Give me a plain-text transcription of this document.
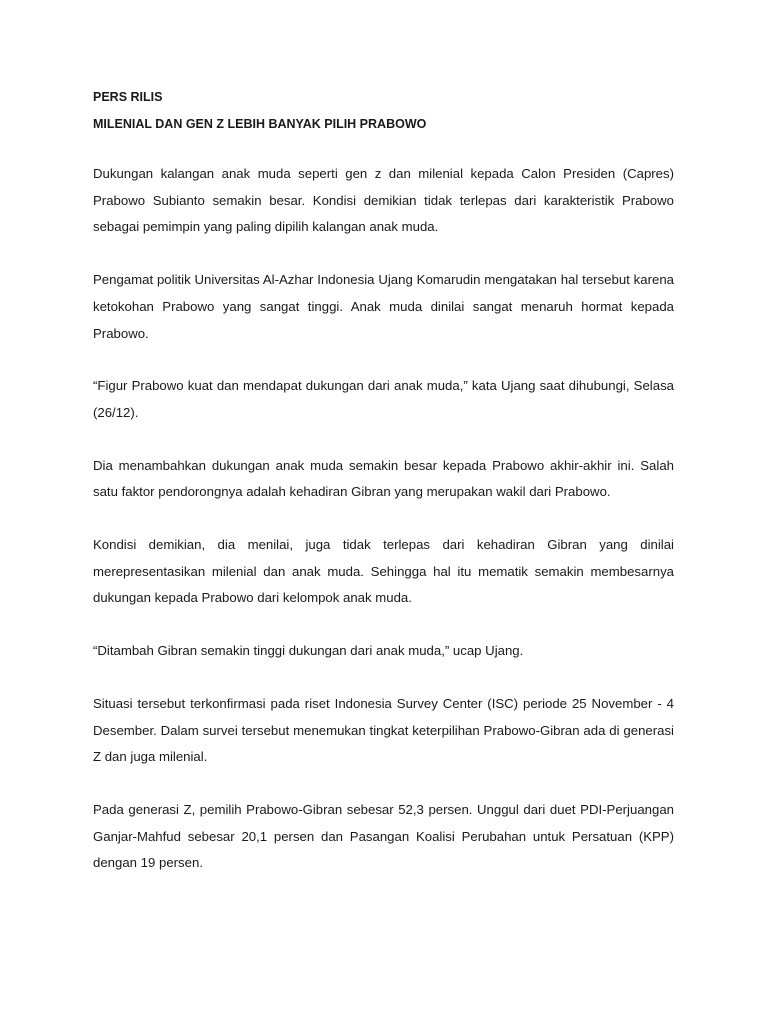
PERS RILIS
MILENIAL DAN GEN Z LEBIH BANYAK PILIH PRABOWO

Dukungan kalangan anak muda seperti gen z dan milenial kepada Calon Presiden (Capres) Prabowo Subianto semakin besar. Kondisi demikian tidak terlepas dari karakteristik Prabowo sebagai pemimpin yang paling dipilih kalangan anak muda.

Pengamat politik Universitas Al-Azhar Indonesia Ujang Komarudin mengatakan hal tersebut karena ketokohan Prabowo yang sangat tinggi. Anak muda dinilai sangat menaruh hormat kepada Prabowo.

“Figur Prabowo kuat dan mendapat dukungan dari anak muda,” kata Ujang saat dihubungi, Selasa (26/12).

Dia menambahkan dukungan anak muda semakin besar kepada Prabowo akhir-akhir ini. Salah satu faktor pendorongnya adalah kehadiran Gibran yang merupakan wakil dari Prabowo.

Kondisi demikian, dia menilai, juga tidak terlepas dari kehadiran Gibran yang dinilai merepresentasikan milenial dan anak muda. Sehingga hal itu mematik semakin membesarnya dukungan kepada Prabowo dari kelompok anak muda.

“Ditambah Gibran semakin tinggi dukungan dari anak muda,” ucap Ujang.

Situasi tersebut terkonfirmasi pada riset Indonesia Survey Center (ISC) periode 25 November - 4 Desember. Dalam survei tersebut menemukan tingkat keterpilihan Prabowo-Gibran ada di generasi Z dan juga milenial.

Pada generasi Z, pemilih Prabowo-Gibran sebesar 52,3 persen. Unggul dari duet PDI-Perjuangan Ganjar-Mahfud sebesar 20,1 persen dan Pasangan Koalisi Perubahan untuk Persatuan (KPP) dengan 19 persen.
